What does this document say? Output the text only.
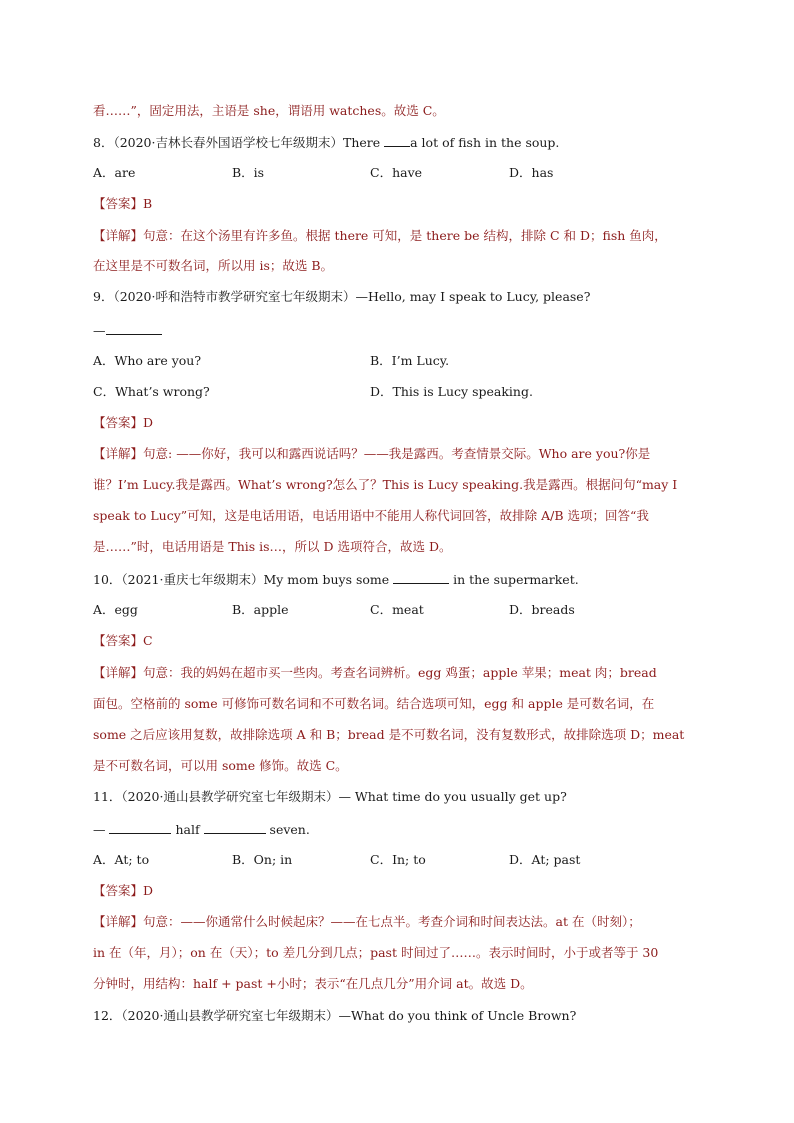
看……”，固定用法，主语是 she，谓语用 watches。故选 C。
8．（2020·吉林长春外国语学校七年级期末）There a lot of fish in the soup.
A．are	B．is	C．have	D．has
【答案】B
【详解】句意：在这个汤里有许多鱼。根据 there 可知，是 there be 结构，排除 C 和 D；fish 鱼肉，
在这里是不可数名词，所以用 is；故选 B。
9．（2020·呼和浩特市教学研究室七年级期末）—Hello, may I speak to Lucy, please?
—
A．Who are you?	B．I’m Lucy.
C．What’s wrong?	D．This is Lucy speaking.
【答案】D
【详解】句意: ——你好，我可以和露西说话吗？——我是露西。考查情景交际。Who are you?你是
谁？I’m Lucy.我是露西。What’s wrong?怎么了？This is Lucy speaking.我是露西。根据问句“may I
speak to Lucy”可知，这是电话用语，电话用语中不能用人称代词回答，故排除 A/B 选项；回答“我
是……”时，电话用语是 This is…，所以 D 选项符合，故选 D。
10．（2021·重庆七年级期末）My mom buys some	in the supermarket.
A．egg	B．apple	C．meat	D．breads
【答案】C
【详解】句意：我的妈妈在超市买一些肉。考查名词辨析。egg 鸡蛋；apple 苹果；meat 肉；bread
面包。空格前的 some 可修饰可数名词和不可数名词。结合选项可知，egg 和 apple 是可数名词，在
some 之后应该用复数，故排除选项 A 和 B；bread 是不可数名词，没有复数形式，故排除选项 D；meat
是不可数名词，可以用 some 修饰。故选 C。
11．（2020·通山县教学研究室七年级期末）— What time do you usually get up?
—	half	seven.
A．At; to	B．On; in	C．In; to	D．At; past
【答案】D
【详解】句意：——你通常什么时候起床？——在七点半。考查介词和时间表达法。at 在（时刻）；
in 在（年，月）；on 在（天）；to 差几分到几点；past 时间过了……。表示时间时，小于或者等于 30
分钟时，用结构：half + past +小时；表示“在几点几分”用介词 at。故选 D。
12．（2020·通山县教学研究室七年级期末）—What do you think of Uncle Brown?
